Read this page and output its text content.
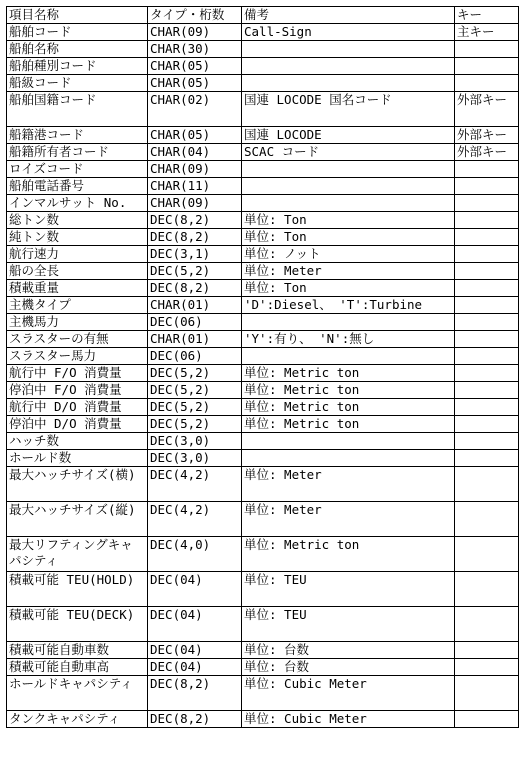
項目名称	タイプ・桁数	備考	キー
船舶コード	CHAR(09)	Call-Sign	主キー
船舶名称	CHAR(30)		
船舶種別コード	CHAR(05)		
船級コード	CHAR(05)		
船舶国籍コード	CHAR(02)	国連 LOCODE 国名コード	外部キー
船籍港コード	CHAR(05)	国連 LOCODE	外部キー
船籍所有者コード	CHAR(04)	SCAC コード	外部キー
ロイズコード	CHAR(09)		
船舶電話番号	CHAR(11)		
インマルサット No.	CHAR(09)		
総トン数	DEC(8,2)	単位: Ton	
純トン数	DEC(8,2)	単位: Ton	
航行速力	DEC(3,1)	単位: ノット	
船の全長	DEC(5,2)	単位: Meter	
積載重量	DEC(8,2)	単位: Ton	
主機タイプ	CHAR(01)	'D':Diesel、 'T':Turbine	
主機馬力	DEC(06)		
スラスターの有無	CHAR(01)	'Y':有り、 'N':無し	
スラスター馬力	DEC(06)		
航行中 F/O 消費量	DEC(5,2)	単位: Metric ton	
停泊中 F/O 消費量	DEC(5,2)	単位: Metric ton	
航行中 D/O 消費量	DEC(5,2)	単位: Metric ton	
停泊中 D/O 消費量	DEC(5,2)	単位: Metric ton	
ハッチ数	DEC(3,0)		
ホールド数	DEC(3,0)		
最大ハッチサイズ(横)	DEC(4,2)	単位: Meter	
最大ハッチサイズ(縦)	DEC(4,2)	単位: Meter	
最大リフティングキャパシティ	DEC(4,0)	単位: Metric ton	
積載可能 TEU(HOLD)	DEC(04)	単位: TEU	
積載可能 TEU(DECK)	DEC(04)	単位: TEU	
積載可能自動車数	DEC(04)	単位: 台数	
積載可能自動車高	DEC(04)	単位: 台数	
ホールドキャパシティ	DEC(8,2)	単位: Cubic Meter	
タンクキャパシティ	DEC(8,2)	単位: Cubic Meter	
